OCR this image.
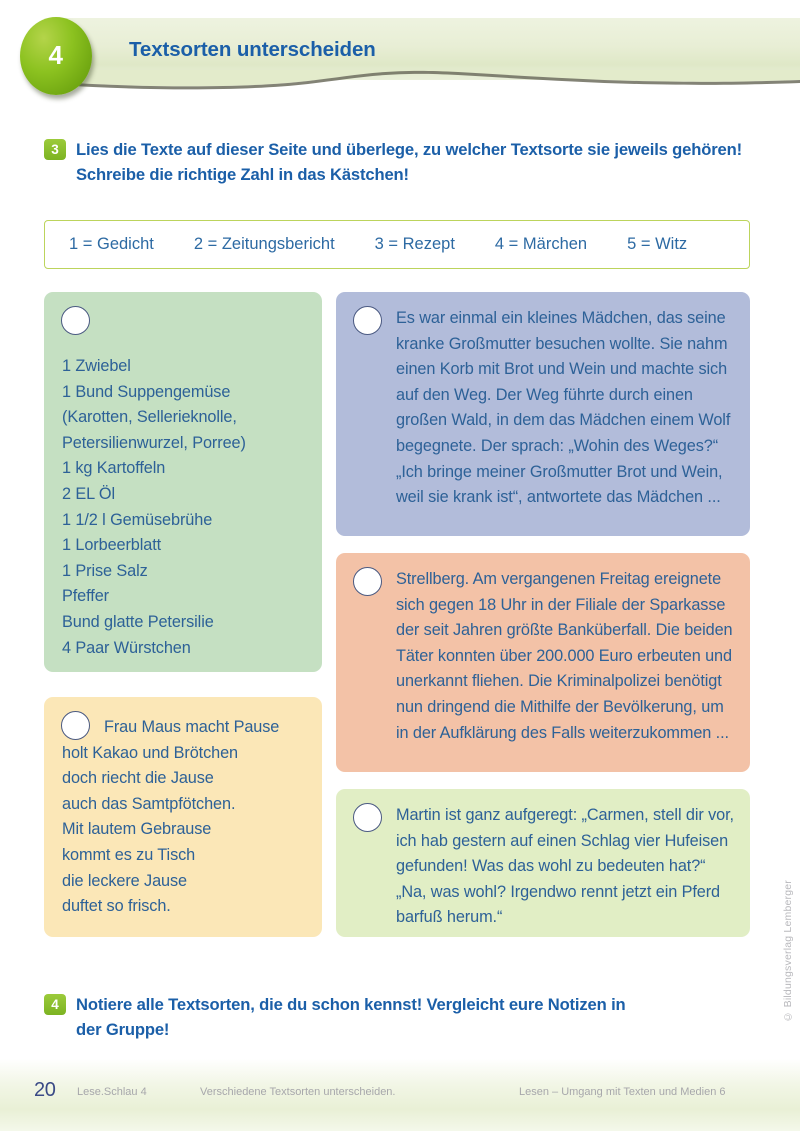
4	Textsorten unterscheiden
3	Lies die Texte auf dieser Seite und überlege, zu welcher Textsorte sie jeweils gehören! Schreibe die richtige Zahl in das Kästchen!
1 = Gedicht 2 = Zeitungsbericht 3 = Rezept 4 = Märchen 5 = Witz

1 Zwiebel

1 Bund Suppengemüse

(Karotten, Sellerieknolle,

Petersilienwurzel, Porree)

1 kg Kartoffeln

2 EL Öl

1 1/2 l Gemüsebrühe

1 Lorbeerblatt

1 Prise Salz

Pfeffer

Bund glatte Petersilie

4 Paar Würstchen

Es war einmal ein kleines Mädchen, das seine kranke Großmutter besuchen wollte. Sie nahm einen Korb mit Brot und Wein und machte sich auf den Weg. Der Weg führte durch einen großen Wald, in dem das Mädchen einem Wolf begegnete. Der sprach: „Wohin des Weges?“ „Ich bringe meiner Großmutter Brot und Wein, weil sie krank ist“, antwortete das Mädchen ...

Strellberg. Am vergangenen Freitag ereignete sich gegen 18 Uhr in der Filiale der Sparkasse der seit Jahren größte Banküberfall. Die beiden Täter konnten über 200.000 Euro erbeuten und unerkannt fliehen. Die Kriminalpolizei benötigt nun dringend die Mithilfe der Bevölkerung, um in der Aufklärung des Falls weiterzukommen ...

Martin ist ganz aufgeregt: „Carmen, stell dir vor, ich hab gestern auf einen Schlag vier Hufeisen gefunden! Was das wohl zu bedeuten hat?“ „Na, was wohl? Irgendwo rennt jetzt ein Pferd barfuß herum.“

Frau Maus macht Pause

holt Kakao und Brötchen

doch riecht die Jause

auch das Samtpfötchen.

Mit lautem Gebrause

kommt es zu Tisch

die leckere Jause

duftet so frisch.

4	Notiere alle Textsorten, die du schon kennst! Vergleicht eure Notizen in der Gruppe!
© Bildungsverlag Lemberger
20 Lese.Schlau 4	Verschiedene Textsorten unterscheiden.	Lesen – Umgang mit Texten und Medien 6
